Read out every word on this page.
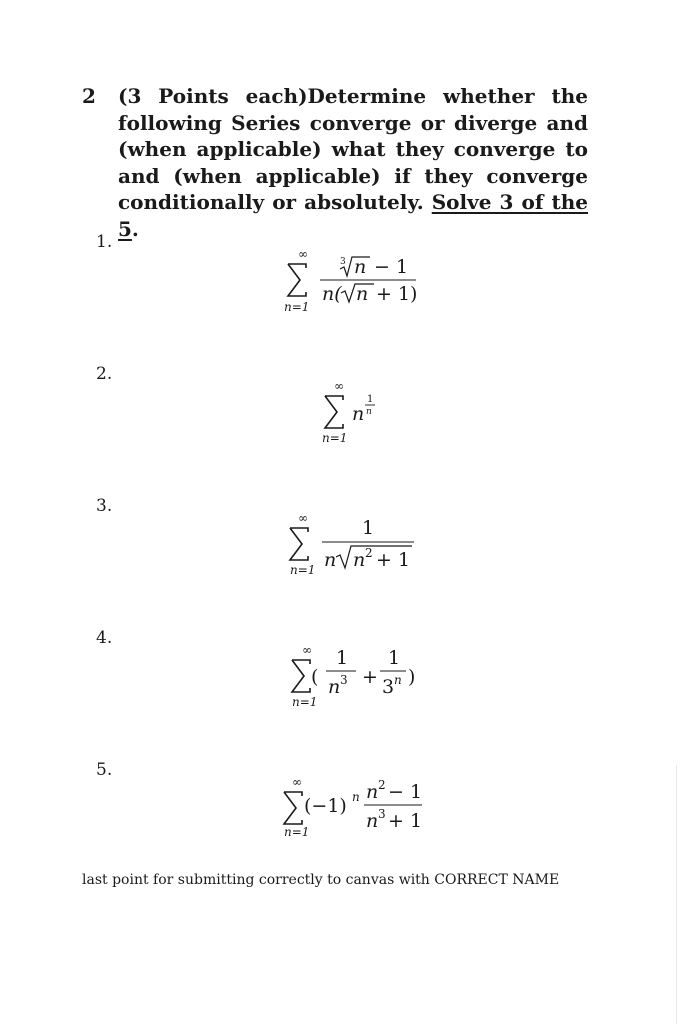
2 (3 Points each)Determine whether the following Series converge or diverge and (when applicable) what they converge to and (when applicable) if they converge conditionally or absolutely. Solve 3 of the 5.
1.
∞
n=1
3 n − 1
n( n + 1)
2.
∞
n=1
n
1
n
3.
∞
n=1
1
n n 2 + 1
4.
∞
n=1
(
1
n 3 +
1
3 n )
5.
∞
n=1
(−1) n n 2 − 1
n 3 + 1
last point for submitting correctly to canvas with CORRECT NAME
